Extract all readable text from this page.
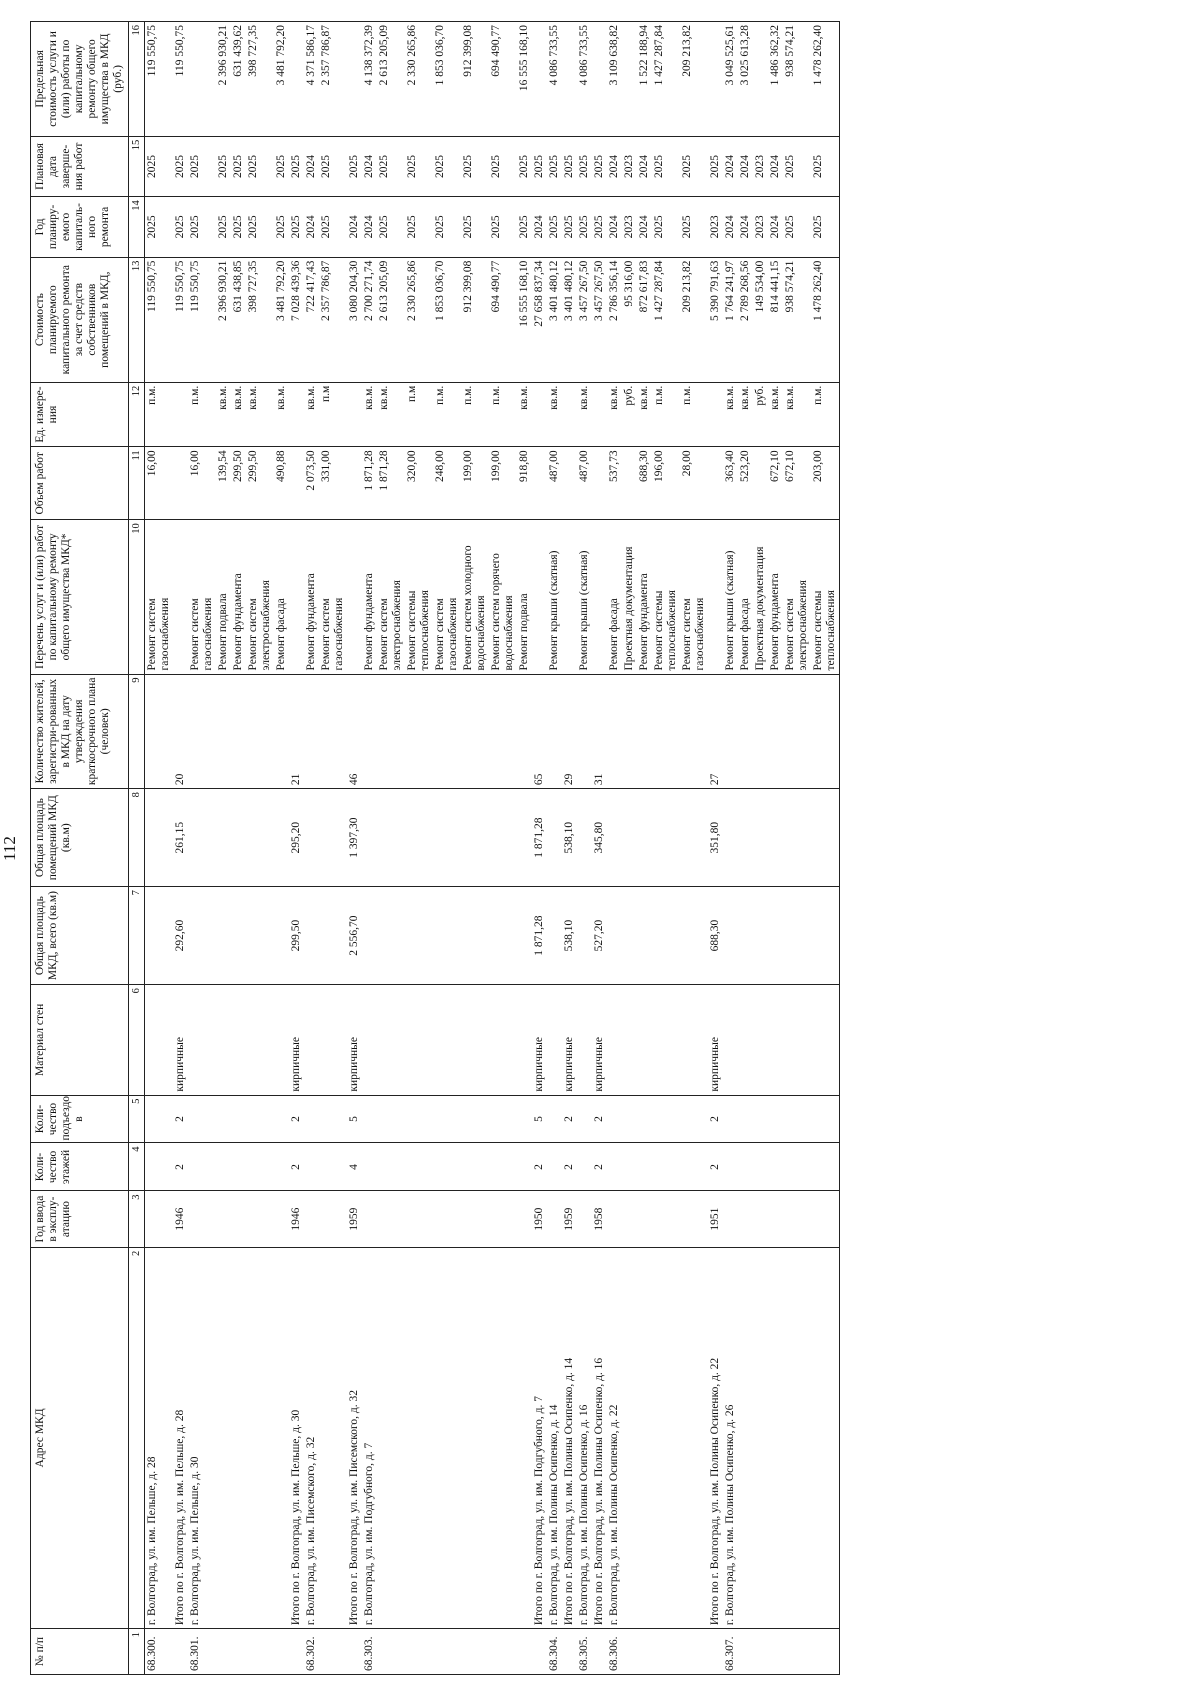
112
№ п/п	Адрес МКД	Год ввода в эксплу-атацию	Коли-чество этажей	Коли-чество подъездо в	Материал стен	Общая площадь МКД, всего (кв.м)	Общая площадь помещений МКД (кв.м)	Количество жителей, зарегистри-рованных в МКД на дату утверждения краткосрочного плана (человек)	Перечень услуг и (или) работ по капитальному ремонту общего имущества МКД*	Объем работ	Ед. измере-ния	Стоимость планируемого капитального ремонта за счет средств собственников помещений в МКД,	Год планиру-емого капиталь-ного ремонта	Плановая дата заверше-ния работ	Предельная стоимость услуги и (или) работы по капитальному ремонту общего имущества в МКД (руб.)
1	2	3	4	5	6	7	8	9	10	11	12	13	14	15	16
68.300.	г. Волгоград, ул. им. Пельше, д. 28								Ремонт систем газоснабжения	16,00	п.м.	119 550,75	2025	2025	119 550,75
	Итого по г. Волгоград, ул. им. Пельше, д. 28	1946	2	2	кирпичные	292,60	261,15	20				119 550,75	2025	2025	119 550,75
68.301.	г. Волгоград, ул. им. Пельше, д. 30								Ремонт систем газоснабжения	16,00	п.м.	119 550,75	2025	2025	
									Ремонт подвала	139,54	кв.м.	2 396 930,21	2025	2025	2 396 930,21
									Ремонт фундамента	299,50	кв.м.	631 438,85	2025	2025	631 439,62
									Ремонт систем электроснабжения	299,50	кв.м.	398 727,35	2025	2025	398 727,35
									Ремонт фасада	490,88	кв.м.	3 481 792,20	2025	2025	3 481 792,20
	Итого по г. Волгоград, ул. им. Пельше, д. 30	1946	2	2	кирпичные	299,50	295,20	21				7 028 439,36	2025	2025	
68.302.	г. Волгоград, ул. им. Писемского, д. 32								Ремонт фундамента	2 073,50	кв.м.	722 417,43	2024	2024	4 371 586,17
									Ремонт систем газоснабжения	331,00	п.м	2 357 786,87	2025	2025	2 357 786,87
	Итого по г. Волгоград, ул. им. Писемского, д. 32	1959	4	5	кирпичные	2 556,70	1 397,30	46				3 080 204,30	2024	2025	
68.303.	г. Волгоград, ул. им. Подгубного, д. 7								Ремонт фундамента	1 871,28	кв.м.	2 700 271,74	2024	2024	4 138 372,39
									Ремонт систем электроснабжения	1 871,28	кв.м.	2 613 205,09	2025	2025	2 613 205,09
									Ремонт системы теплоснабжения	320,00	п.м	2 330 265,86	2025	2025	2 330 265,86
									Ремонт систем газоснабжения	248,00	п.м.	1 853 036,70	2025	2025	1 853 036,70
									Ремонт систем холодного водоснабжения	199,00	п.м.	912 399,08	2025	2025	912 399,08
									Ремонт систем горячего водоснабжения	199,00	п.м.	694 490,77	2025	2025	694 490,77
									Ремонт подвала	918,80	кв.м.	16 555 168,10	2025	2025	16 555 168,10
	Итого по г. Волгоград, ул. им. Подгубного, д. 7	1950	2	5	кирпичные	1 871,28	1 871,28	65				27 658 837,34	2024	2025	
68.304.	г. Волгоград, ул. им. Полины Осипенко, д. 14								Ремонт крыши (скатная)	487,00	кв.м.	3 401 480,12	2025	2025	4 086 733,55
	Итого по г. Волгоград, ул. им. Полины Осипенко, д. 14	1959	2	2	кирпичные	538,10	538,10	29				3 401 480,12	2025	2025	
68.305.	г. Волгоград, ул. им. Полины Осипенко, д. 16								Ремонт крыши (скатная)	487,00	кв.м.	3 457 267,50	2025	2025	4 086 733,55
	Итого по г. Волгоград, ул. им. Полины Осипенко, д. 16	1958	2	2	кирпичные	527,20	345,80	31				3 457 267,50	2025	2025	
68.306.	г. Волгоград, ул. им. Полины Осипенко, д. 22								Ремонт фасада	537,73	кв.м.	2 786 356,14	2024	2024	3 109 638,82
									Проектная документация		руб.	95 316,00	2023	2023	
									Ремонт фундамента	688,30	кв.м.	872 617,83	2024	2024	1 522 188,94
									Ремонт системы теплоснабжения	196,00	п.м.	1 427 287,84	2025	2025	1 427 287,84
									Ремонт систем газоснабжения	28,00	п.м.	209 213,82	2025	2025	209 213,82
	Итого по г. Волгоград, ул. им. Полины Осипенко, д. 22	1951	2	2	кирпичные	688,30	351,80	27				5 390 791,63	2023	2025	
68.307.	г. Волгоград, ул. им. Полины Осипенко, д. 26								Ремонт крыши (скатная)	363,40	кв.м.	1 764 241,97	2024	2024	3 049 525,61
									Ремонт фасада	523,20	кв.м.	2 789 268,56	2024	2024	3 025 613,28
									Проектная документация		руб.	149 534,00	2023	2023	
									Ремонт фундамента	672,10	кв.м.	814 441,15	2024	2024	1 486 362,32
									Ремонт систем электроснабжения	672,10	кв.м.	938 574,21	2025	2025	938 574,21
									Ремонт системы теплоснабжения	203,00	п.м.	1 478 262,40	2025	2025	1 478 262,40
